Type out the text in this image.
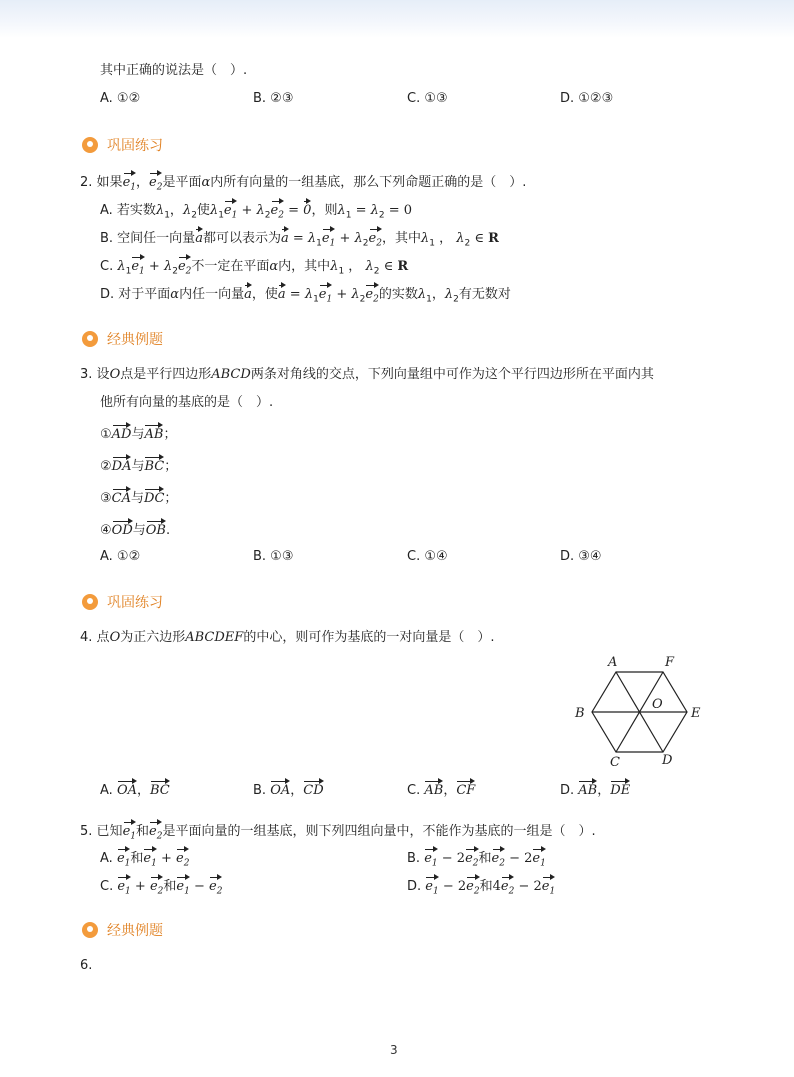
其中正确的说法是（　）.
A. ①②	B. ②③	C. ①③	D. ①②③
巩固练习
2. 如果$e_1$，$e_2$是平面α内所有向量的一组基底，那么下列命题正确的是（　）.
A. 若实数$\lambda_1$，$\lambda_2$使$\lambda_1e_1 + \lambda_2e_2 = 0$，则$\lambda_1 = \lambda_2 = 0$
B. 空间任一向量a都可以表示为$a = \lambda_1e_1 + \lambda_2e_2$，其中$\lambda_1$ ， $\lambda_2$ ∈ R
C. $\lambda_1e_1 + \lambda_2e_2$不一定在平面α内，其中$\lambda_1$ ， $\lambda_2$ ∈ R
D. 对于平面α内任一向量a，使$a = \lambda_1e_1 + \lambda_2e_2$的实数$\lambda_1$，$\lambda_2$有无数对
经典例题
3. 设O点是平行四边形ABCD两条对角线的交点，下列向量组中可作为这个平行四边形所在平面内其
他所有向量的基底的是（　）.
①AD与AB；
②DA与BC；
③CA与DC；
④OD与OB.
A. ①②	B. ①③	C. ①④	D. ③④
巩固练习
4. 点O为正六边形ABCDEF的中心，则可作为基底的一对向量是（　）.
A	F
B
O
E
C	D
A. OA，BC	B. OA，CD	C. AB，CF	D. AB，DE
5. 已知$e_1$和$e_2$是平面向量的一组基底，则下列四组向量中，不能作为基底的一组是（　）.
A. $e_1$和$e_1 + e_2$	B. $e_1 - 2e_2$和$e_2 - 2e_1$
C. $e_1 + e_2$和$e_1 - e_2$	D. $e_1 - 2e_2$和$4e_2 - 2e_1$
经典例题
6.
3
